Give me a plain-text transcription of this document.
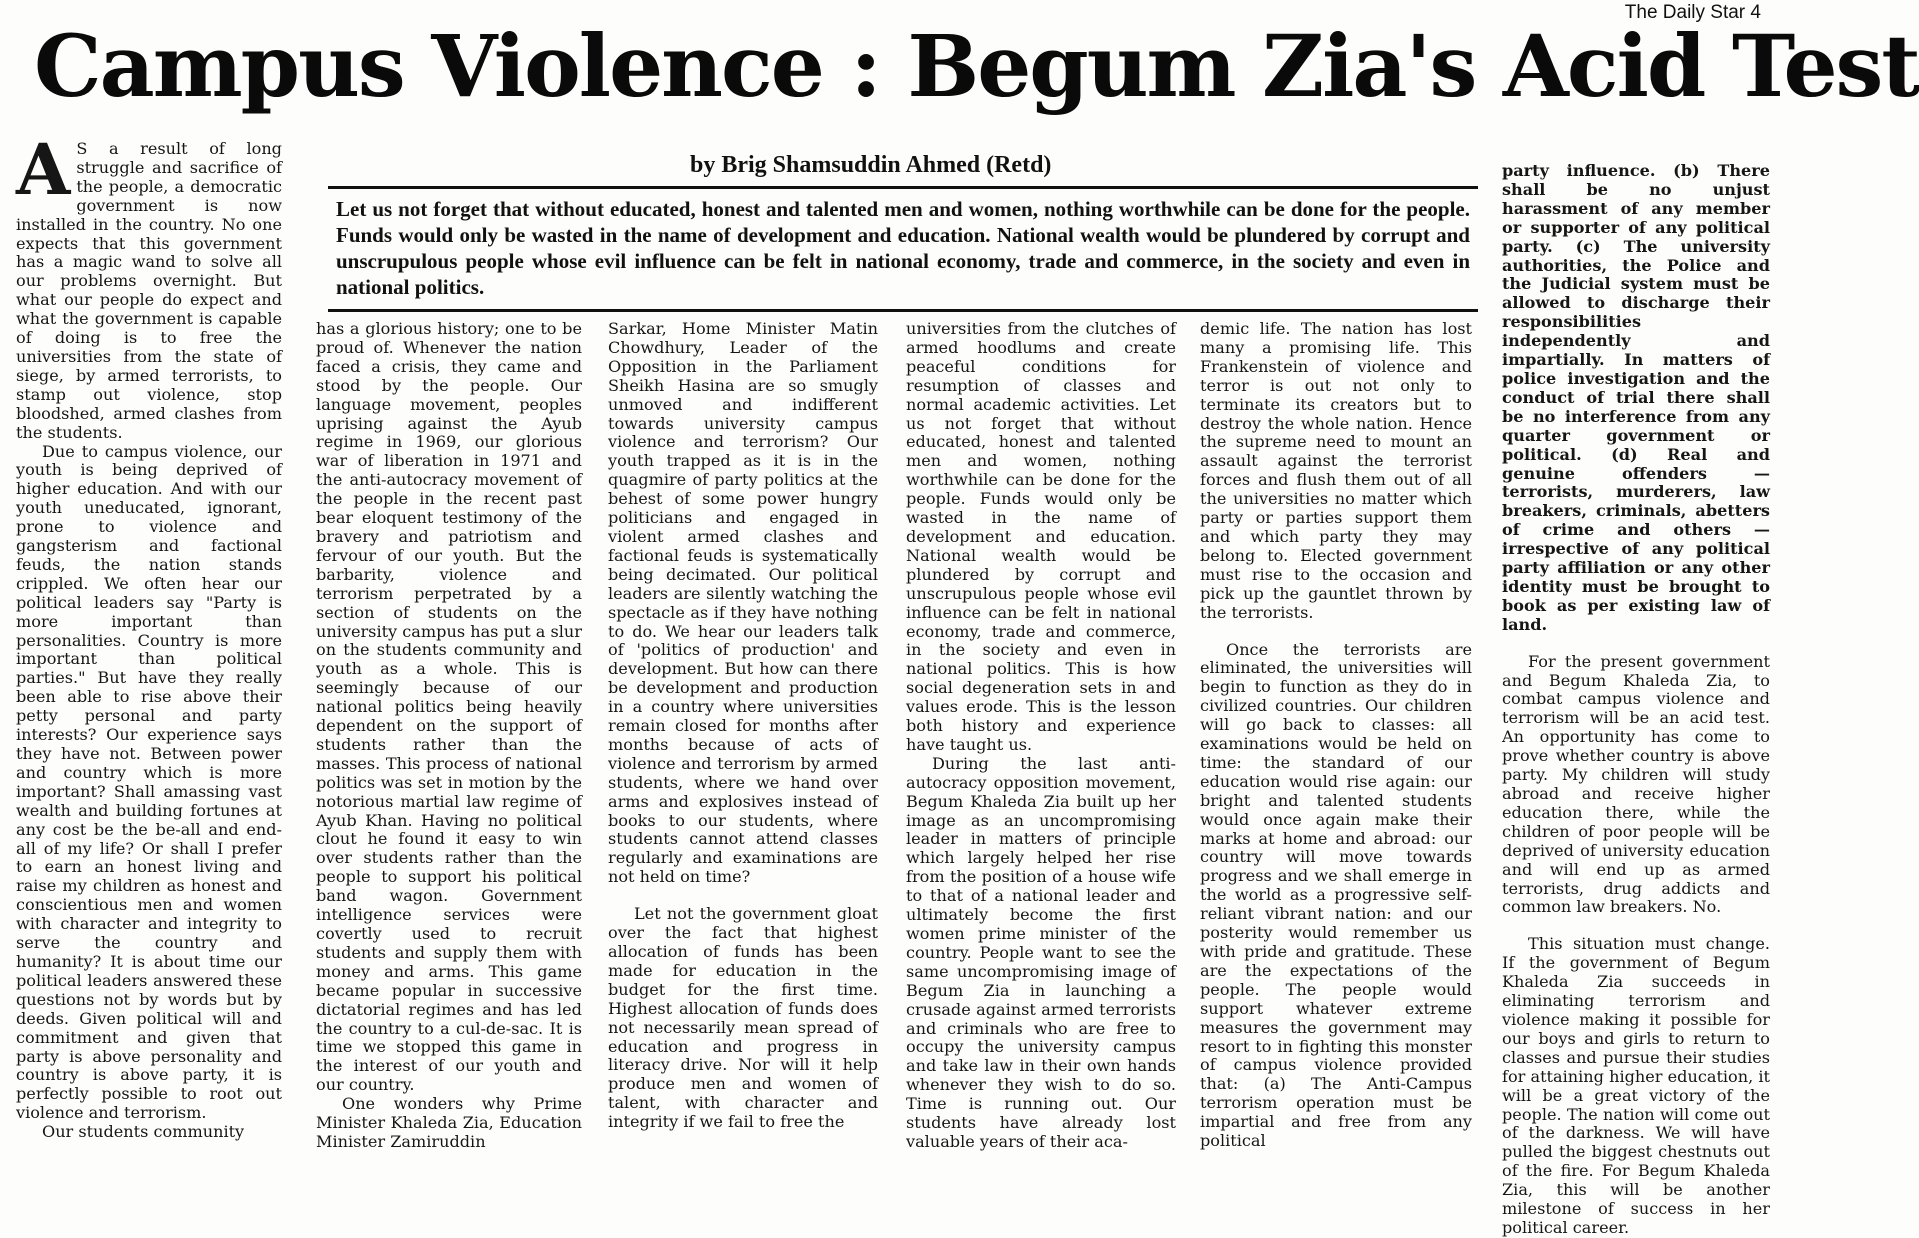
The Daily Star 4
Campus Violence : Begum Zia's Acid Test
by Brig Shamsuddin Ahmed (Retd)
Let us not forget that without educated, honest and talented men and women, nothing worthwhile can be done for the people. Funds would only be wasted in the name of development and education. National wealth would be plundered by corrupt and unscrupulous people whose evil influence can be felt in national economy, trade and commerce, in the society and even in national politics.

A S a result of long struggle and sacrifice of the people, a democratic government is now installed in the country. No one expects that this government has a magic wand to solve all our problems overnight. But what our people do expect and what the government is capable of doing is to free the universities from the state of siege, by armed terrorists, to stamp out violence, stop bloodshed, armed clashes from the students.

Due to campus violence, our youth is being deprived of higher education. And with our youth uneducated, ignorant, prone to violence and gangsterism and factional feuds, the nation stands crippled. We often hear our political leaders say "Party is more important than personalities. Country is more important than political parties." But have they really been able to rise above their petty personal and party interests? Our experience says they have not. Between power and country which is more important? Shall amassing vast wealth and building fortunes at any cost be the be-all and end-all of my life? Or shall I prefer to earn an honest living and raise my children as honest and conscientious men and women with character and integrity to serve the country and humanity? It is about time our political leaders answered these questions not by words but by deeds. Given political will and commitment and given that party is above personality and country is above party, it is perfectly possible to root out violence and terrorism.

Our students community

has a glorious history; one to be proud of. Whenever the nation faced a crisis, they came and stood by the people. Our language movement, peoples uprising against the Ayub regime in 1969, our glorious war of liberation in 1971 and the anti-autocracy movement of the people in the recent past bear eloquent testimony of the bravery and patriotism and fervour of our youth. But the barbarity, violence and terrorism perpetrated by a section of students on the university campus has put a slur on the students community and youth as a whole. This is seemingly because of our national politics being heavily dependent on the support of students rather than the masses. This process of national politics was set in motion by the notorious martial law regime of Ayub Khan. Having no political clout he found it easy to win over students rather than the people to support his political band wagon. Government intelligence services were covertly used to recruit students and supply them with money and arms. This game became popular in successive dictatorial regimes and has led the country to a cul-de-sac. It is time we stopped this game in the interest of our youth and our country.

One wonders why Prime Minister Khaleda Zia, Education Minister Zamiruddin

Sarkar, Home Minister Matin Chowdhury, Leader of the Opposition in the Parliament Sheikh Hasina are so smugly unmoved and indifferent towards university campus violence and terrorism? Our youth trapped as it is in the quagmire of party politics at the behest of some power hungry politicians and engaged in violent armed clashes and factional feuds is systematically being decimated. Our political leaders are silently watching the spectacle as if they have nothing to do. We hear our leaders talk of 'politics of production' and development. But how can there be development and production in a country where universities remain closed for months after months because of acts of violence and terrorism by armed students, where we hand over arms and explosives instead of books to our students, where students cannot attend classes regularly and examinations are not held on time?

Let not the government gloat over the fact that highest allocation of funds has been made for education in the budget for the first time. Highest allocation of funds does not necessarily mean spread of education and progress in literacy drive. Nor will it help produce men and women of talent, with character and integrity if we fail to free the

universities from the clutches of armed hoodlums and create peaceful conditions for resumption of classes and normal academic activities. Let us not forget that without educated, honest and talented men and women, nothing worthwhile can be done for the people. Funds would only be wasted in the name of development and education. National wealth would be plundered by corrupt and unscrupulous people whose evil influence can be felt in national economy, trade and commerce, in the society and even in national politics. This is how social degeneration sets in and values erode. This is the lesson both history and experience have taught us.

During the last anti-autocracy opposition movement, Begum Khaleda Zia built up her image as an uncompromising leader in matters of principle which largely helped her rise from the position of a house wife to that of a national leader and ultimately become the first women prime minister of the country. People want to see the same uncompromising image of Begum Zia in launching a crusade against armed terrorists and criminals who are free to occupy the university campus and take law in their own hands whenever they wish to do so. Time is running out. Our students have already lost valuable years of their aca-

demic life. The nation has lost many a promising life. This Frankenstein of violence and terror is out not only to terminate its creators but to destroy the whole nation. Hence the supreme need to mount an assault against the terrorist forces and flush them out of all the universities no matter which party or parties support them and which party they may belong to. Elected government must rise to the occasion and pick up the gauntlet thrown by the terrorists.

Once the terrorists are eliminated, the universities will begin to function as they do in civilized countries. Our children will go back to classes: all examinations would be held on time: the standard of our education would rise again: our bright and talented students would once again make their marks at home and abroad: our country will move towards progress and we shall emerge in the world as a progressive self-reliant vibrant nation: and our posterity would remember us with pride and gratitude. These are the expectations of the people. The people would support whatever extreme measures the government may resort to in fighting this monster of campus violence provided that: (a) The Anti-Campus terrorism operation must be impartial and free from any political

party influence. (b) There shall be no unjust harassment of any member or supporter of any political party. (c) The university authorities, the Police and the Judicial system must be allowed to discharge their responsibilities independently and impartially. In matters of police investigation and the conduct of trial there shall be no interference from any quarter government or political. (d) Real and genuine offenders — terrorists, murderers, law breakers, criminals, abetters of crime and others — irrespective of any political party affiliation or any other identity must be brought to book as per existing law of land.

For the present government and Begum Khaleda Zia, to combat campus violence and terrorism will be an acid test. An opportunity has come to prove whether country is above party. My children will study abroad and receive higher education there, while the children of poor people will be deprived of university education and will end up as armed terrorists, drug addicts and common law breakers. No.

This situation must change. If the government of Begum Khaleda Zia succeeds in eliminating terrorism and violence making it possible for our boys and girls to return to classes and pursue their studies for attaining higher education, it will be a great victory of the people. The nation will come out of the darkness. We will have pulled the biggest chestnuts out of the fire. For Begum Khaleda Zia, this will be another milestone of success in her political career.
